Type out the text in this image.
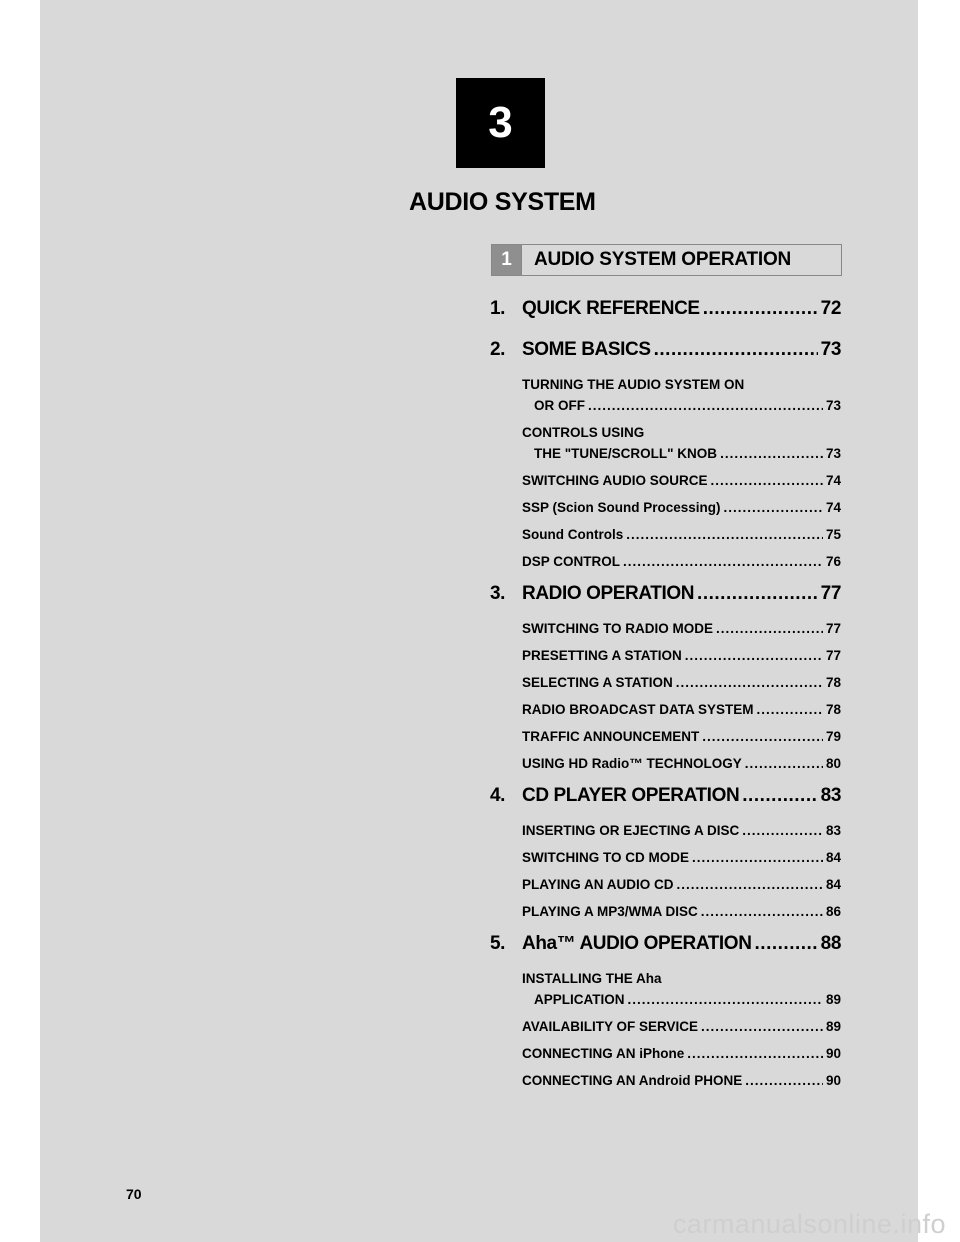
3
AUDIO SYSTEM
1	AUDIO SYSTEM OPERATION
1. QUICK REFERENCE .....	72
2. SOME BASICS .....	73
TURNING THE AUDIO SYSTEM ON
OR OFF .....	73
CONTROLS USING
THE "TUNE/SCROLL" KNOB .....	73
SWITCHING AUDIO SOURCE .....	74
SSP (Scion Sound Processing) .....	74
Sound Controls .....	75
DSP CONTROL .....	76
3. RADIO OPERATION .....	77
SWITCHING TO RADIO MODE .....	77
PRESETTING A STATION .....	77
SELECTING A STATION .....	78
RADIO BROADCAST DATA SYSTEM .....	78
TRAFFIC ANNOUNCEMENT .....	79
USING HD Radio™ TECHNOLOGY .....	80
4. CD PLAYER OPERATION .....	83
INSERTING OR EJECTING A DISC .....	83
SWITCHING TO CD MODE .....	84
PLAYING AN AUDIO CD .....	84
PLAYING A MP3/WMA DISC .....	86
5. Aha™ AUDIO OPERATION .....	88
INSTALLING THE Aha
APPLICATION .....	89
AVAILABILITY OF SERVICE .....	89
CONNECTING AN iPhone .....	90
CONNECTING AN Android PHONE .....	90
70
carmanualsonline.info
